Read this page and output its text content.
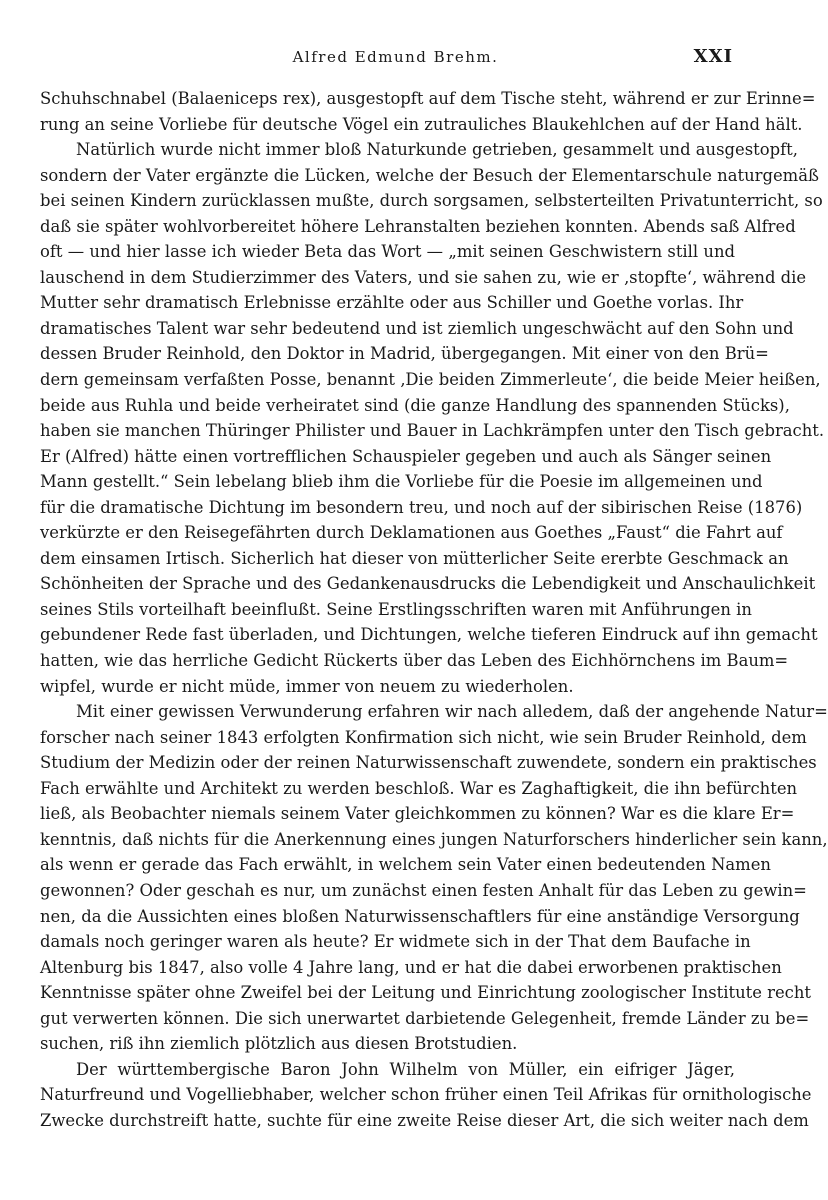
Alfred Edmund Brehm.	XXI
Schuhschnabel (Balaeniceps rex), ausgestopft auf dem Tische steht, während er zur Erinne=
rung an seine Vorliebe für deutsche Vögel ein zutrauliches Blaukehlchen auf der Hand hält.
Natürlich wurde nicht immer bloß Naturkunde getrieben, gesammelt und ausgestopft,
sondern der Vater ergänzte die Lücken, welche der Besuch der Elementarschule naturgemäß
bei seinen Kindern zurücklassen mußte, durch sorgsamen, selbsterteilten Privatunterricht, so
daß sie später wohlvorbereitet höhere Lehranstalten beziehen konnten. Abends saß Alfred
oft — und hier lasse ich wieder Beta das Wort — „mit seinen Geschwistern still und
lauschend in dem Studierzimmer des Vaters, und sie sahen zu, wie er ‚stopfte‘, während die
Mutter sehr dramatisch Erlebnisse erzählte oder aus Schiller und Goethe vorlas. Ihr
dramatisches Talent war sehr bedeutend und ist ziemlich ungeschwächt auf den Sohn und
dessen Bruder Reinhold, den Doktor in Madrid, übergegangen. Mit einer von den Brü=
dern gemeinsam verfaßten Posse, benannt ‚Die beiden Zimmerleute‘, die beide Meier heißen,
beide aus Ruhla und beide verheiratet sind (die ganze Handlung des spannenden Stücks),
haben sie manchen Thüringer Philister und Bauer in Lachkrämpfen unter den Tisch gebracht.
Er (Alfred) hätte einen vortrefflichen Schauspieler gegeben und auch als Sänger seinen
Mann gestellt.“ Sein lebelang blieb ihm die Vorliebe für die Poesie im allgemeinen und
für die dramatische Dichtung im besondern treu, und noch auf der sibirischen Reise (1876)
verkürzte er den Reisegefährten durch Deklamationen aus Goethes „Faust“ die Fahrt auf
dem einsamen Irtisch. Sicherlich hat dieser von mütterlicher Seite ererbte Geschmack an
Schönheiten der Sprache und des Gedankenausdrucks die Lebendigkeit und Anschaulichkeit
seines Stils vorteilhaft beeinflußt. Seine Erstlingsschriften waren mit Anführungen in
gebundener Rede fast überladen, und Dichtungen, welche tieferen Eindruck auf ihn gemacht
hatten, wie das herrliche Gedicht Rückerts über das Leben des Eichhörnchens im Baum=
wipfel, wurde er nicht müde, immer von neuem zu wiederholen.
Mit einer gewissen Verwunderung erfahren wir nach alledem, daß der angehende Natur=
forscher nach seiner 1843 erfolgten Konfirmation sich nicht, wie sein Bruder Reinhold, dem
Studium der Medizin oder der reinen Naturwissenschaft zuwendete, sondern ein praktisches
Fach erwählte und Architekt zu werden beschloß. War es Zaghaftigkeit, die ihn befürchten
ließ, als Beobachter niemals seinem Vater gleichkommen zu können? War es die klare Er=
kenntnis, daß nichts für die Anerkennung eines jungen Naturforschers hinderlicher sein kann,
als wenn er gerade das Fach erwählt, in welchem sein Vater einen bedeutenden Namen
gewonnen? Oder geschah es nur, um zunächst einen festen Anhalt für das Leben zu gewin=
nen, da die Aussichten eines bloßen Naturwissenschaftlers für eine anständige Versorgung
damals noch geringer waren als heute? Er widmete sich in der That dem Baufache in
Altenburg bis 1847, also volle 4 Jahre lang, und er hat die dabei erworbenen praktischen
Kenntnisse später ohne Zweifel bei der Leitung und Einrichtung zoologischer Institute recht
gut verwerten können. Die sich unerwartet darbietende Gelegenheit, fremde Länder zu be=
suchen, riß ihn ziemlich plötzlich aus diesen Brotstudien.
Der württembergische Baron John Wilhelm von Müller, ein eifriger Jäger,
Naturfreund und Vogelliebhaber, welcher schon früher einen Teil Afrikas für ornithologische
Zwecke durchstreift hatte, suchte für eine zweite Reise dieser Art, die sich weiter nach dem
